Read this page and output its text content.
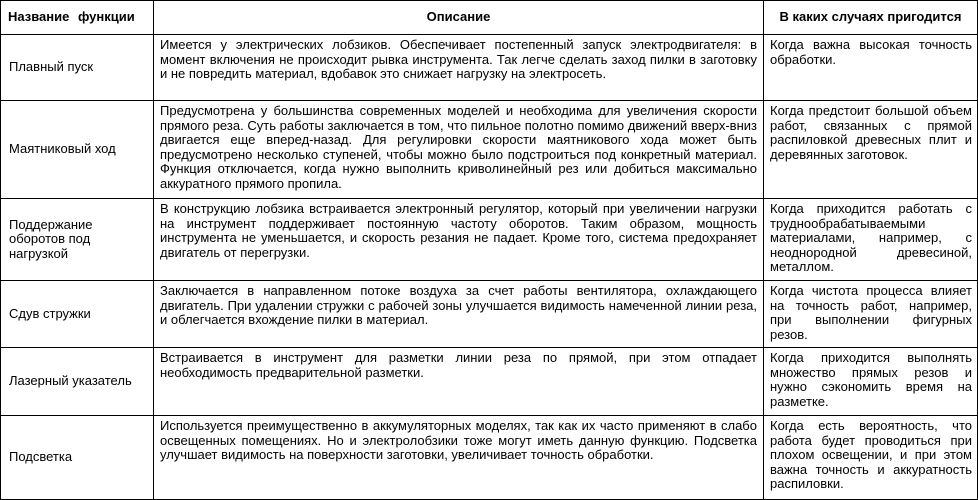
Название функции	Описание	В каких случаях пригодится

Плавный пуск	Имеется у электрических лобзиков. Обеспечивает постепенный запуск электродвигателя: в момент включения не происходит рывка инструмента. Так легче сделать заход пилки в заготовку и не повредить материал, вдобавок это снижает нагрузку на электросеть.	Когда важна высокая точность обработки.

Маятниковый ход	Предусмотрена у большинства современных моделей и необходима для увеличения скорости прямого реза. Суть работы заключается в том, что пильное полотно помимо движений вверх-вниз двигается еще вперед-назад. Для регулировки скорости маятникового хода может быть предусмотрено несколько ступеней, чтобы можно было подстроиться под конкретный материал. Функция отключается, когда нужно выполнить криволинейный рез или добиться максимально аккуратного прямого пропила.	Когда предстоит большой объем работ, связанных с прямой распиловкой древесных плит и деревянных заготовок.

Поддержание оборотов под нагрузкой	В конструкцию лобзика встраивается электронный регулятор, который при увеличении нагрузки на инструмент поддерживает постоянную частоту оборотов. Таким образом, мощность инструмента не уменьшается, и скорость резания не падает. Кроме того, система предохраняет двигатель от перегрузки.	Когда приходится работать с труднообрабатываемыми материалами, например, с неоднородной древесиной, металлом.

Сдув стружки	Заключается в направленном потоке воздуха за счет работы вентилятора, охлаждающего двигатель. При удалении стружки с рабочей зоны улучшается видимость намеченной линии реза, и облегчается вхождение пилки в материал.	Когда чистота процесса влияет на точность работ, например, при выполнении фигурных резов.

Лазерный указатель	Встраивается в инструмент для разметки линии реза по прямой, при этом отпадает необходимость предварительной разметки.	Когда приходится выполнять множество прямых резов и нужно сэкономить время на разметке.

Подсветка	Используется преимущественно в аккумуляторных моделях, так как их часто применяют в слабо освещенных помещениях. Но и электролобзики тоже могут иметь данную функцию. Подсветка улучшает видимость на поверхности заготовки, увеличивает точность обработки.	Когда есть вероятность, что работа будет проводиться при плохом освещении, и при этом важна точность и аккуратность распиловки.
